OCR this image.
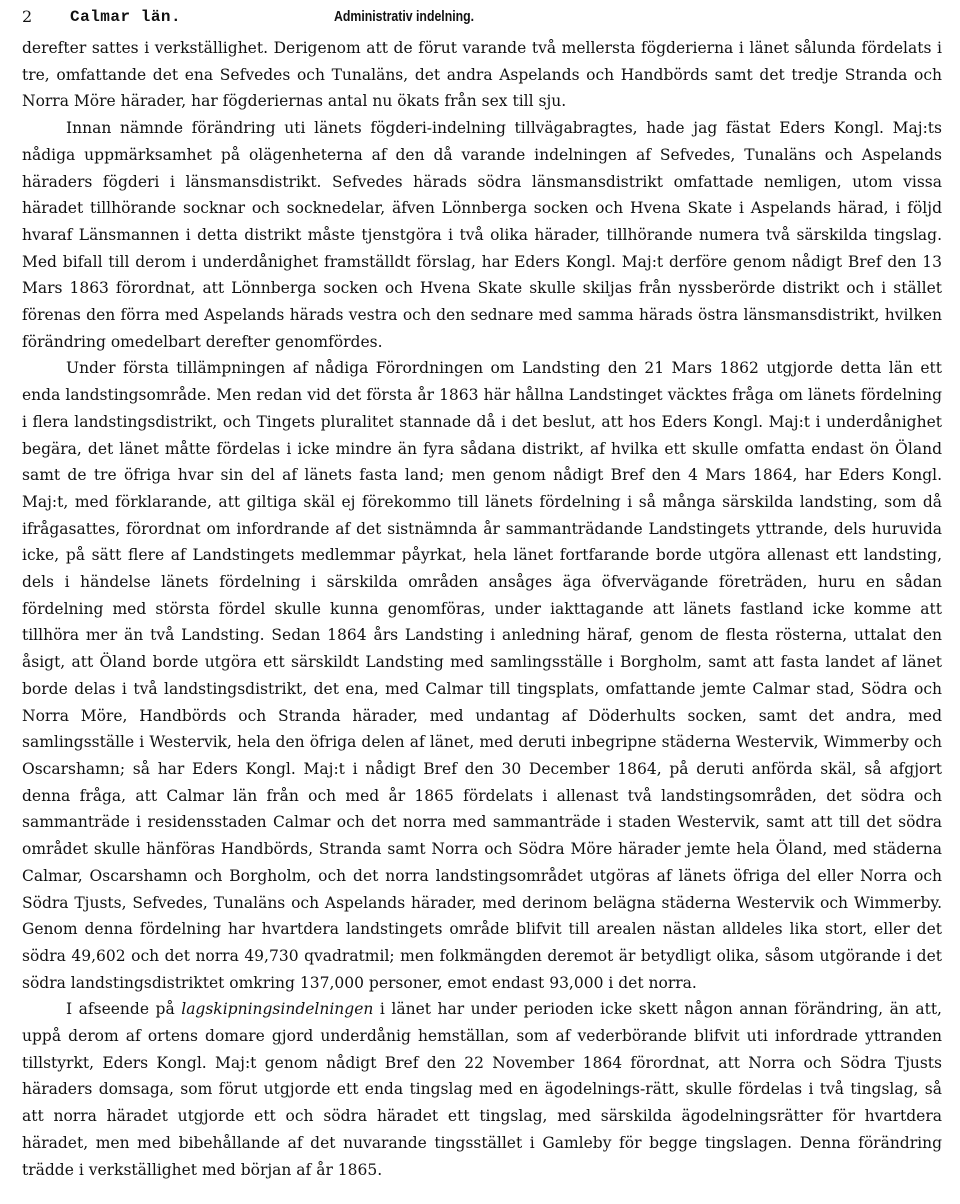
2 Calmar län.	Administrativ indelning.

derefter sattes i verkställighet. Derigenom att de förut varande två mellersta fögderierna i länet sålunda fördelats i tre, omfattande det ena Sefvedes och Tunaläns, det andra Aspelands och Handbörds samt det tredje Stranda och Norra Möre härader, har fögderiernas antal nu ökats från sex till sju.

Innan nämnde förändring uti länets fögderi-indelning tillvägabragtes, hade jag fästat Eders Kongl. Maj:ts nådiga uppmärksamhet på olägenheterna af den då varande indelningen af Sefvedes, Tunaläns och Aspelands häraders fögderi i länsmansdistrikt. Sefvedes härads södra länsmansdistrikt omfattade nemligen, utom vissa häradet tillhörande socknar och socknedelar, äfven Lönnberga socken och Hvena Skate i Aspelands härad, i följd hvaraf Länsmannen i detta distrikt måste tjenstgöra i två olika härader, tillhörande numera två särskilda tingslag. Med bifall till derom i underdånighet framställdt förslag, har Eders Kongl. Maj:t derföre genom nådigt Bref den 13 Mars 1863 förordnat, att Lönnberga socken och Hvena Skate skulle skiljas från nyssberörde distrikt och i stället förenas den förra med Aspelands härads vestra och den sednare med samma härads östra länsmansdistrikt, hvilken förändring omedelbart derefter genomfördes.

Under första tillämpningen af nådiga Förordningen om Landsting den 21 Mars 1862 utgjorde detta län ett enda landstingsområde. Men redan vid det första år 1863 här hållna Landstinget väcktes fråga om länets fördelning i flera landstingsdistrikt, och Tingets pluralitet stannade då i det beslut, att hos Eders Kongl. Maj:t i underdånighet begära, det länet måtte fördelas i icke mindre än fyra sådana distrikt, af hvilka ett skulle omfatta endast ön Öland samt de tre öfriga hvar sin del af länets fasta land; men genom nådigt Bref den 4 Mars 1864, har Eders Kongl. Maj:t, med förklarande, att giltiga skäl ej förekommo till länets fördelning i så många särskilda landsting, som då ifrågasattes, förordnat om infordrande af det sistnämnda år sammanträdande Landstingets yttrande, dels huruvida icke, på sätt flere af Landstingets medlemmar påyrkat, hela länet fortfarande borde utgöra allenast ett landsting, dels i händelse länets fördelning i särskilda områden ansåges äga öfvervägande företräden, huru en sådan fördelning med största fördel skulle kunna genomföras, under iakttagande att länets fastland icke komme att tillhöra mer än två Landsting. Sedan 1864 års Landsting i anledning häraf, genom de flesta rösterna, uttalat den åsigt, att Öland borde utgöra ett särskildt Landsting med samlingsställe i Borgholm, samt att fasta landet af länet borde delas i två landstingsdistrikt, det ena, med Calmar till tingsplats, omfattande jemte Calmar stad, Södra och Norra Möre, Handbörds och Stranda härader, med undantag af Döderhults socken, samt det andra, med samlingsställe i Westervik, hela den öfriga delen af länet, med deruti inbegripne städerna Westervik, Wimmerby och Oscarshamn; så har Eders Kongl. Maj:t i nådigt Bref den 30 December 1864, på deruti anförda skäl, så afgjort denna fråga, att Calmar län från och med år 1865 fördelats i allenast två landstingsområden, det södra och sammanträde i residensstaden Calmar och det norra med sammanträde i staden Westervik, samt att till det södra området skulle hänföras Handbörds, Stranda samt Norra och Södra Möre härader jemte hela Öland, med städerna Calmar, Oscarshamn och Borgholm, och det norra landstingsområdet utgöras af länets öfriga del eller Norra och Södra Tjusts, Sefvedes, Tunaläns och Aspelands härader, med derinom belägna städerna Westervik och Wimmerby. Genom denna fördelning har hvartdera landstingets område blifvit till arealen nästan alldeles lika stort, eller det södra 49,602 och det norra 49,730 qvadratmil; men folkmängden deremot är betydligt olika, såsom utgörande i det södra landstingsdistriktet omkring 137,000 personer, emot endast 93,000 i det norra.

I afseende på lagskipningsindelningen i länet har under perioden icke skett någon annan förändring, än att, uppå derom af ortens domare gjord underdånig hemställan, som af vederbörande blifvit uti infordrade yttranden tillstyrkt, Eders Kongl. Maj:t genom nådigt Bref den 22 November 1864 förordnat, att Norra och Södra Tjusts häraders domsaga, som förut utgjorde ett enda tingslag med en ägodelnings-rätt, skulle fördelas i två tingslag, så att norra häradet utgjorde ett och södra häradet ett tingslag, med särskilda ägodelningsrätter för hvartdera häradet, men med bibehållande af det nuvarande tingsstället i Gamleby för begge tingslagen. Denna förändring trädde i verkställighet med början af år 1865.
